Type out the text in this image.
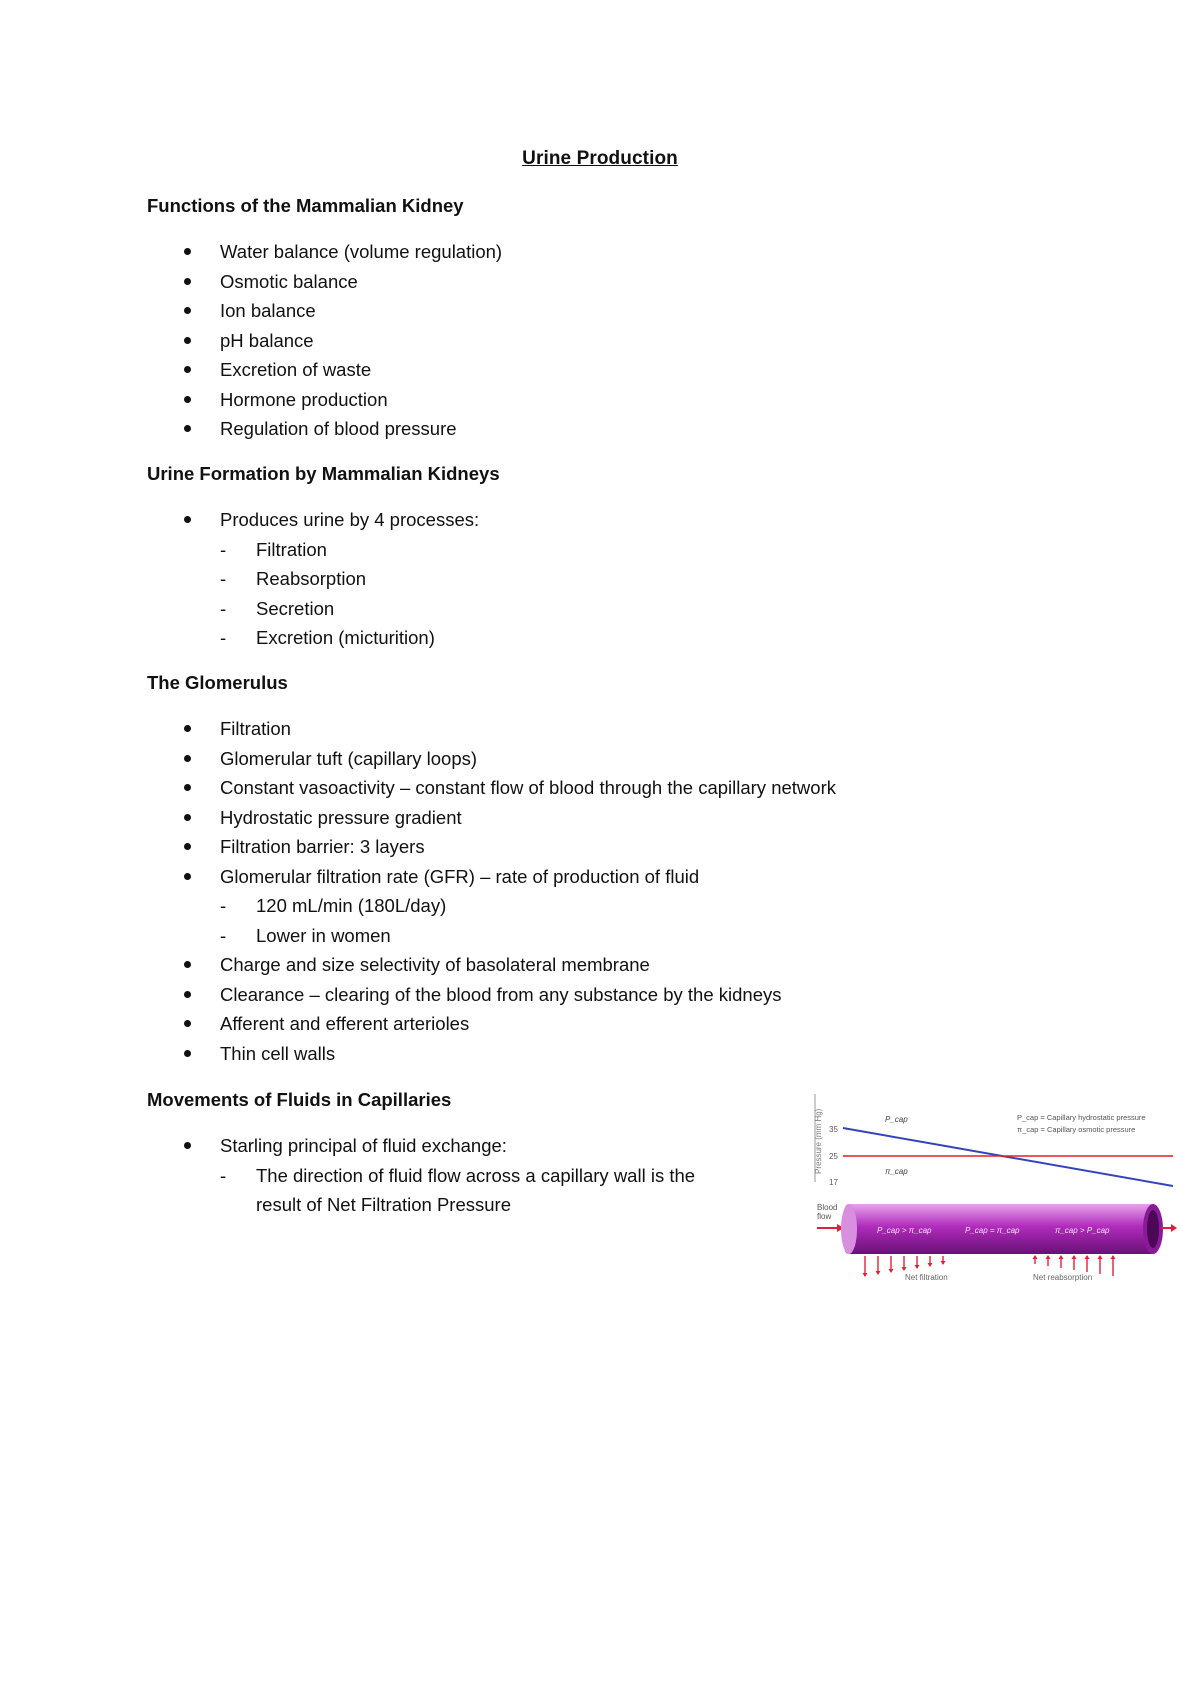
Urine Production
Functions of the Mammalian Kidney
Water balance (volume regulation)
Osmotic balance
Ion balance
pH balance
Excretion of waste
Hormone production
Regulation of blood pressure
Urine Formation by Mammalian Kidneys
Produces urine by 4 processes:
- Filtration
- Reabsorption
- Secretion
- Excretion (micturition)
The Glomerulus
Filtration
Glomerular tuft (capillary loops)
Constant vasoactivity – constant flow of blood through the capillary network
Hydrostatic pressure gradient
Filtration barrier: 3 layers
Glomerular filtration rate (GFR) – rate of production of fluid
- 120 mL/min (180L/day)
- Lower in women
Charge and size selectivity of basolateral membrane
Clearance – clearing of the blood from any substance by the kidneys
Afferent and efferent arterioles
Thin cell walls
Movements of Fluids in Capillaries
Starling principal of fluid exchange:
- The direction of fluid flow across a capillary wall is the
result of Net Filtration Pressure
Pressure (mm Hg) 35
25
17
P_cap
π_cap
P_cap = Capillary hydrostatic pressure
π_cap = Capillary osmotic pressure
Blood
flow
P_cap > π_cap	P_cap = π_cap	π_cap > P_cap
Net filtration	Net reabsorption
